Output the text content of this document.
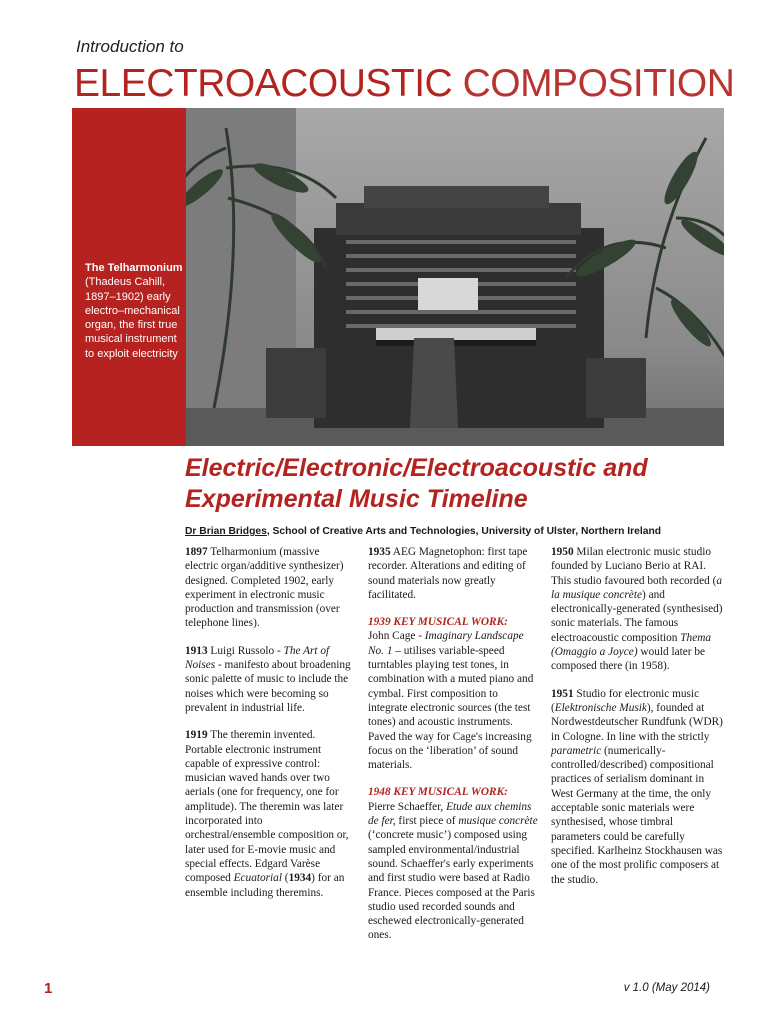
Introduction to
ELECTROACOUSTIC COMPOSITION
The Telharmonium
(Thadeus Cahill, 1897–1902) early electro–mechanical organ, the first true musical instrument to exploit electricity
Electric/Electronic/Electroacoustic and Experimental Music Timeline
Dr Brian Bridges, School of Creative Arts and Technologies, University of Ulster, Northern Ireland

1897 Telharmonium (massive electric organ/additive synthesizer) designed. Completed 1902, early experiment in electronic music production and transmission (over telephone lines).

1913 Luigi Russolo - The Art of Noises - manifesto about broadening sonic palette of music to include the noises which were becoming so prevalent in industrial life.

1919 The theremin invented. Portable electronic instrument capable of expressive control: musician waved hands over two aerials (one for frequency, one for amplitude). The theremin was later incorporated into orchestral/ensemble composition or, later used for E-movie music and special effects. Edgard Varèse composed Ecuatorial (1934) for an ensemble including theremins.

1935 AEG Magnetophon: first tape recorder. Alterations and editing of sound materials now greatly facilitated.

1939 KEY MUSICAL WORK:
John Cage - Imaginary Landscape No. 1 – utilises variable-speed turntables playing test tones, in combination with a muted piano and cymbal. First composition to integrate electronic sources (the test tones) and acoustic instruments. Paved the way for Cage's increasing focus on the ‘liberation’ of sound materials.

1948 KEY MUSICAL WORK:
Pierre Schaeffer, Etude aux chemins de fer, first piece of musique concrète (‘concrete music’) composed using sampled environmental/industrial sound. Schaeffer's early experiments and first studio were based at Radio France. Pieces composed at the Paris studio used recorded sounds and eschewed electronically-generated ones.

1950 Milan electronic music studio founded by Luciano Berio at RAI. This studio favoured both recorded (a la musique concrète) and electronically-generated (synthesised) sonic materials. The famous electroacoustic composition Thema (Omaggio a Joyce) would later be composed there (in 1958).

1951 Studio for electronic music (Elektronische Musik), founded at Nordwestdeutscher Rundfunk (WDR) in Cologne. In line with the strictly parametric (numerically-controlled/described) compositional practices of serialism dominant in West Germany at the time, the only acceptable sonic materials were synthesised, whose timbral parameters could be carefully specified. Karlheinz Stockhausen was one of the most prolific composers at the studio.

1	v 1.0 (May 2014)
